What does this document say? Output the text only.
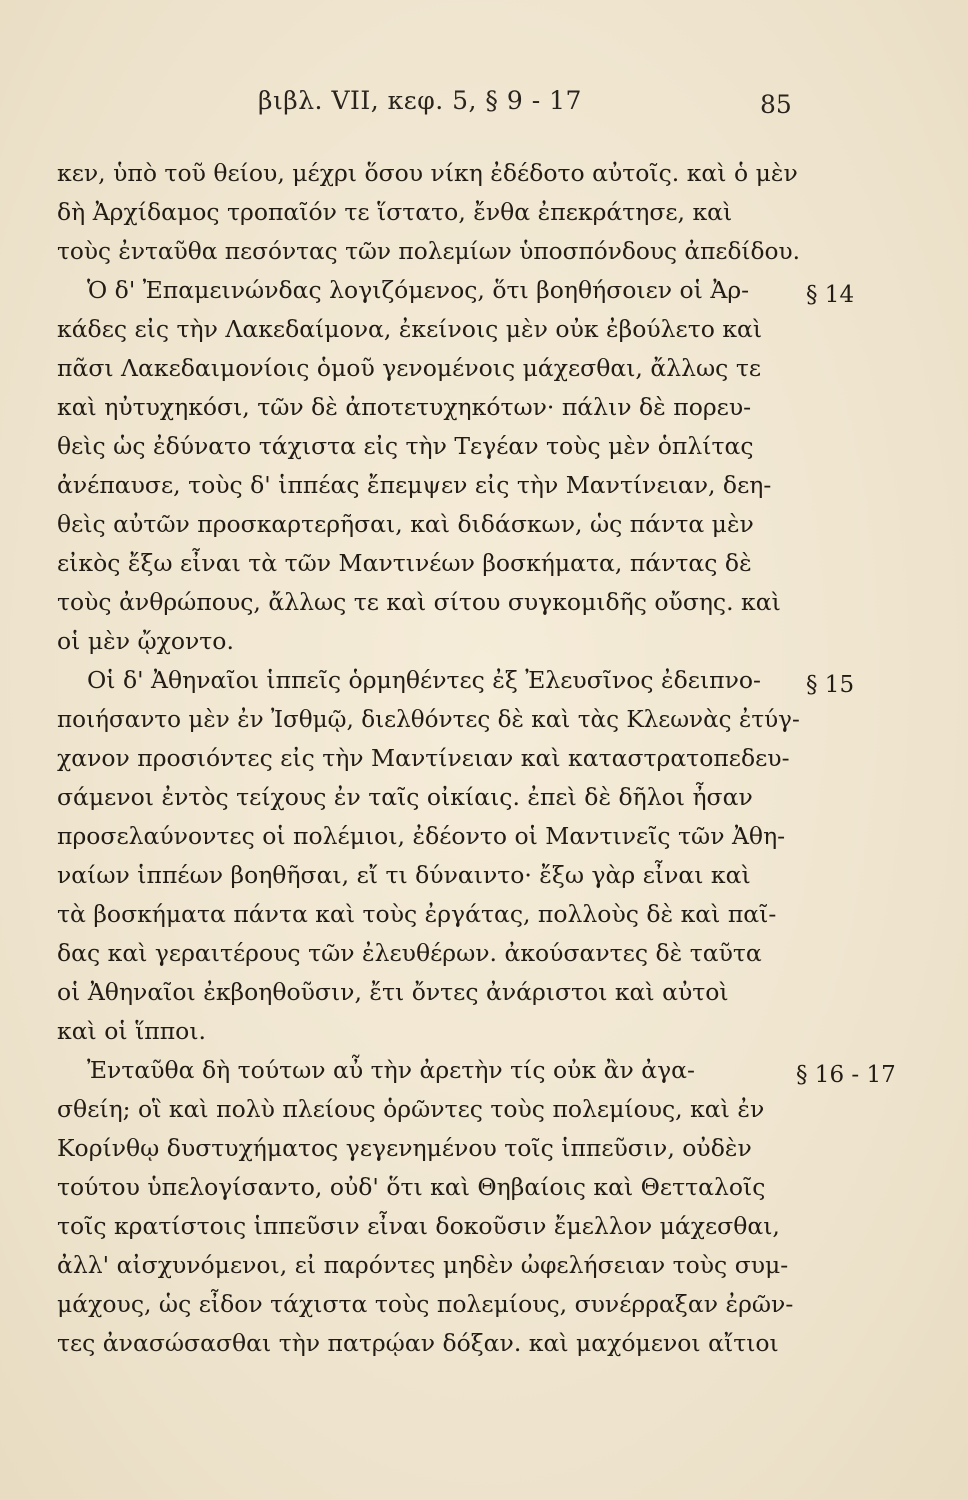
βιβλ. VII, κεφ. 5, § 9 - 17	85
κεν, ὑπὸ τοῦ θείου, μέχρι ὅσου νίκη ἐδέδοτο αὐτοῖς. καὶ ὁ μὲν
δὴ Ἀρχίδαμος τροπαῖόν τε ἵστατο, ἔνθα ἐπεκράτησε, καὶ
τοὺς ἐνταῦθα πεσόντας τῶν πολεμίων ὑποσπόνδους ἀπεδίδου.
Ὁ δ' Ἐπαμεινώνδας λογιζόμενος, ὅτι βοηθήσοιεν οἱ Ἀρ-
κάδες εἰς τὴν Λακεδαίμονα, ἐκείνοις μὲν οὐκ ἐβούλετο καὶ
πᾶσι Λακεδαιμονίοις ὁμοῦ γενομένοις μάχεσθαι, ἄλλως τε
καὶ ηὐτυχηκόσι, τῶν δὲ ἀποτετυχηκότων· πάλιν δὲ πορευ-
θεὶς ὡς ἐδύνατο τάχιστα εἰς τὴν Τεγέαν τοὺς μὲν ὁπλίτας
ἀνέπαυσε, τοὺς δ' ἱππέας ἔπεμψεν εἰς τὴν Μαντίνειαν, δεη-
θεὶς αὐτῶν προσκαρτερῆσαι, καὶ διδάσκων, ὡς πάντα μὲν
εἰκὸς ἔξω εἶναι τὰ τῶν Μαντινέων βοσκήματα, πάντας δὲ
τοὺς ἀνθρώπους, ἄλλως τε καὶ σίτου συγκομιδῆς οὔσης. καὶ
οἱ μὲν ᾤχοντο.
Οἱ δ' Ἀθηναῖοι ἱππεῖς ὁρμηθέντες ἐξ Ἐλευσῖνος ἐδειπνο-
ποιήσαντο μὲν ἐν Ἰσθμῷ, διελθόντες δὲ καὶ τὰς Κλεωνὰς ἐτύγ-
χανον προσιόντες εἰς τὴν Μαντίνειαν καὶ καταστρατοπεδευ-
σάμενοι ἐντὸς τείχους ἐν ταῖς οἰκίαις. ἐπεὶ δὲ δῆλοι ἦσαν
προσελαύνοντες οἱ πολέμιοι, ἐδέοντο οἱ Μαντινεῖς τῶν Ἀθη-
ναίων ἱππέων βοηθῆσαι, εἴ τι δύναιντο· ἔξω γὰρ εἶναι καὶ
τὰ βοσκήματα πάντα καὶ τοὺς ἐργάτας, πολλοὺς δὲ καὶ παῖ-
δας καὶ γεραιτέρους τῶν ἐλευθέρων. ἀκούσαντες δὲ ταῦτα
οἱ Ἀθηναῖοι ἐκβοηθοῦσιν, ἔτι ὄντες ἀνάριστοι καὶ αὐτοὶ
καὶ οἱ ἵπποι.
Ἐνταῦθα δὴ τούτων αὖ τὴν ἀρετὴν τίς οὐκ ἂν ἀγα-
σθείη; οἳ καὶ πολὺ πλείους ὁρῶντες τοὺς πολεμίους, καὶ ἐν
Κορίνθῳ δυστυχήματος γεγενημένου τοῖς ἱππεῦσιν, οὐδὲν
τούτου ὑπελογίσαντο, οὐδ' ὅτι καὶ Θηβαίοις καὶ Θετταλοῖς
τοῖς κρατίστοις ἱππεῦσιν εἶναι δοκοῦσιν ἔμελλον μάχεσθαι,
ἀλλ' αἰσχυνόμενοι, εἰ παρόντες μηδὲν ὠφελήσειαν τοὺς συμ-
μάχους, ὡς εἶδον τάχιστα τοὺς πολεμίους, συνέρραξαν ἐρῶν-
τες ἀνασώσασθαι τὴν πατρῴαν δόξαν. καὶ μαχόμενοι αἴτιοι
§ 14
§ 15
§ 16 - 17
